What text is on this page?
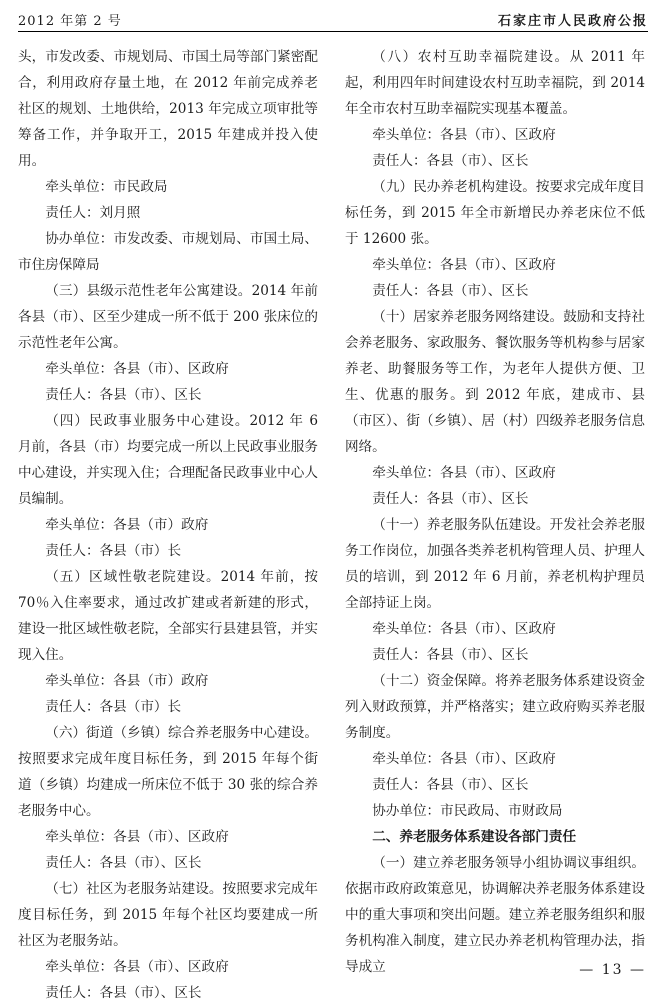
2012 年第 2 号	石家庄市人民政府公报

头，市发改委、市规划局、市国土局等部门紧密配合，利用政府存量土地，在 2012 年前完成养老社区的规划、土地供给，2013 年完成立项审批等筹备工作，并争取开工，2015 年建成并投入使用。

牵头单位：市民政局

责任人：刘月照

协办单位：市发改委、市规划局、市国土局、市住房保障局

（三）县级示范性老年公寓建设。2014 年前各县（市）、区至少建成一所不低于 200 张床位的示范性老年公寓。

牵头单位：各县（市）、区政府

责任人：各县（市）、区长

（四）民政事业服务中心建设。2012 年 6 月前，各县（市）均要完成一所以上民政事业服务中心建设，并实现入住；合理配备民政事业中心人员编制。

牵头单位：各县（市）政府

责任人：各县（市）长

（五）区域性敬老院建设。2014 年前，按 70％入住率要求，通过改扩建或者新建的形式，建设一批区域性敬老院，全部实行县建县管，并实现入住。

牵头单位：各县（市）政府

责任人：各县（市）长

（六）街道（乡镇）综合养老服务中心建设。按照要求完成年度目标任务，到 2015 年每个街道（乡镇）均建成一所床位不低于 30 张的综合养老服务中心。

牵头单位：各县（市）、区政府

责任人：各县（市）、区长

（七）社区为老服务站建设。按照要求完成年度目标任务，到 2015 年每个社区均要建成一所社区为老服务站。

牵头单位：各县（市）、区政府

责任人：各县（市）、区长

（八）农村互助幸福院建设。从 2011 年起，利用四年时间建设农村互助幸福院，到 2014 年全市农村互助幸福院实现基本覆盖。

牵头单位：各县（市）、区政府

责任人：各县（市）、区长

（九）民办养老机构建设。按要求完成年度目标任务，到 2015 年全市新增民办养老床位不低于 12600 张。

牵头单位：各县（市）、区政府

责任人：各县（市）、区长

（十）居家养老服务网络建设。鼓励和支持社会养老服务、家政服务、餐饮服务等机构参与居家养老、助餐服务等工作，为老年人提供方便、卫生、优惠的服务。到 2012 年底，建成市、县（市区）、街（乡镇）、居（村）四级养老服务信息网络。

牵头单位：各县（市）、区政府

责任人：各县（市）、区长

（十一）养老服务队伍建设。开发社会养老服务工作岗位，加强各类养老机构管理人员、护理人员的培训，到 2012 年 6 月前，养老机构护理员全部持证上岗。

牵头单位：各县（市）、区政府

责任人：各县（市）、区长

（十二）资金保障。将养老服务体系建设资金列入财政预算，并严格落实；建立政府购买养老服务制度。

牵头单位：各县（市）、区政府

责任人：各县（市）、区长

协办单位：市民政局、市财政局

二、养老服务体系建设各部门责任

（一）建立养老服务领导小组协调议事组织。依据市政府政策意见，协调解决养老服务体系建设中的重大事项和突出问题。建立养老服务组织和服务机构准入制度，建立民办养老机构管理办法，指导成立	— 13 —
